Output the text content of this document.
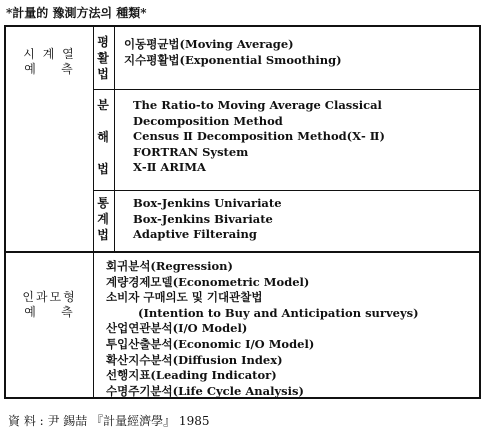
*計量的 豫測方法의 種類*
시 계 열
예    측
평
활
법
이동평균법(Moving Average)
지수평활법(Exponential Smoothing)
분
해
법
The Ratio-to Moving Average Classical
Decomposition Method
Census Ⅱ Decomposition Method(Ⅹ- Ⅱ)
FORTRAN System
Ⅹ-Ⅱ ARIMA
통
계
법
Box-Jenkins Univariate
Box-Jenkins Bivariate
Adaptive Filteraing
인과모형
예    측
회귀분석(Regression)
계량경제모델(Econometric Model)
소비자 구매의도 및 기대관찰법
(Intention to Buy and Anticipation surveys)
산업연관분석(I/O Model)
투입산출분석(Economic I/O Model)
확산지수분석(Diffusion Index)
선행지표(Leading Indicator)
수명주기분석(Life Cycle Analysis)
資 料 : 尹 錫喆 『計量經濟學』 1985
